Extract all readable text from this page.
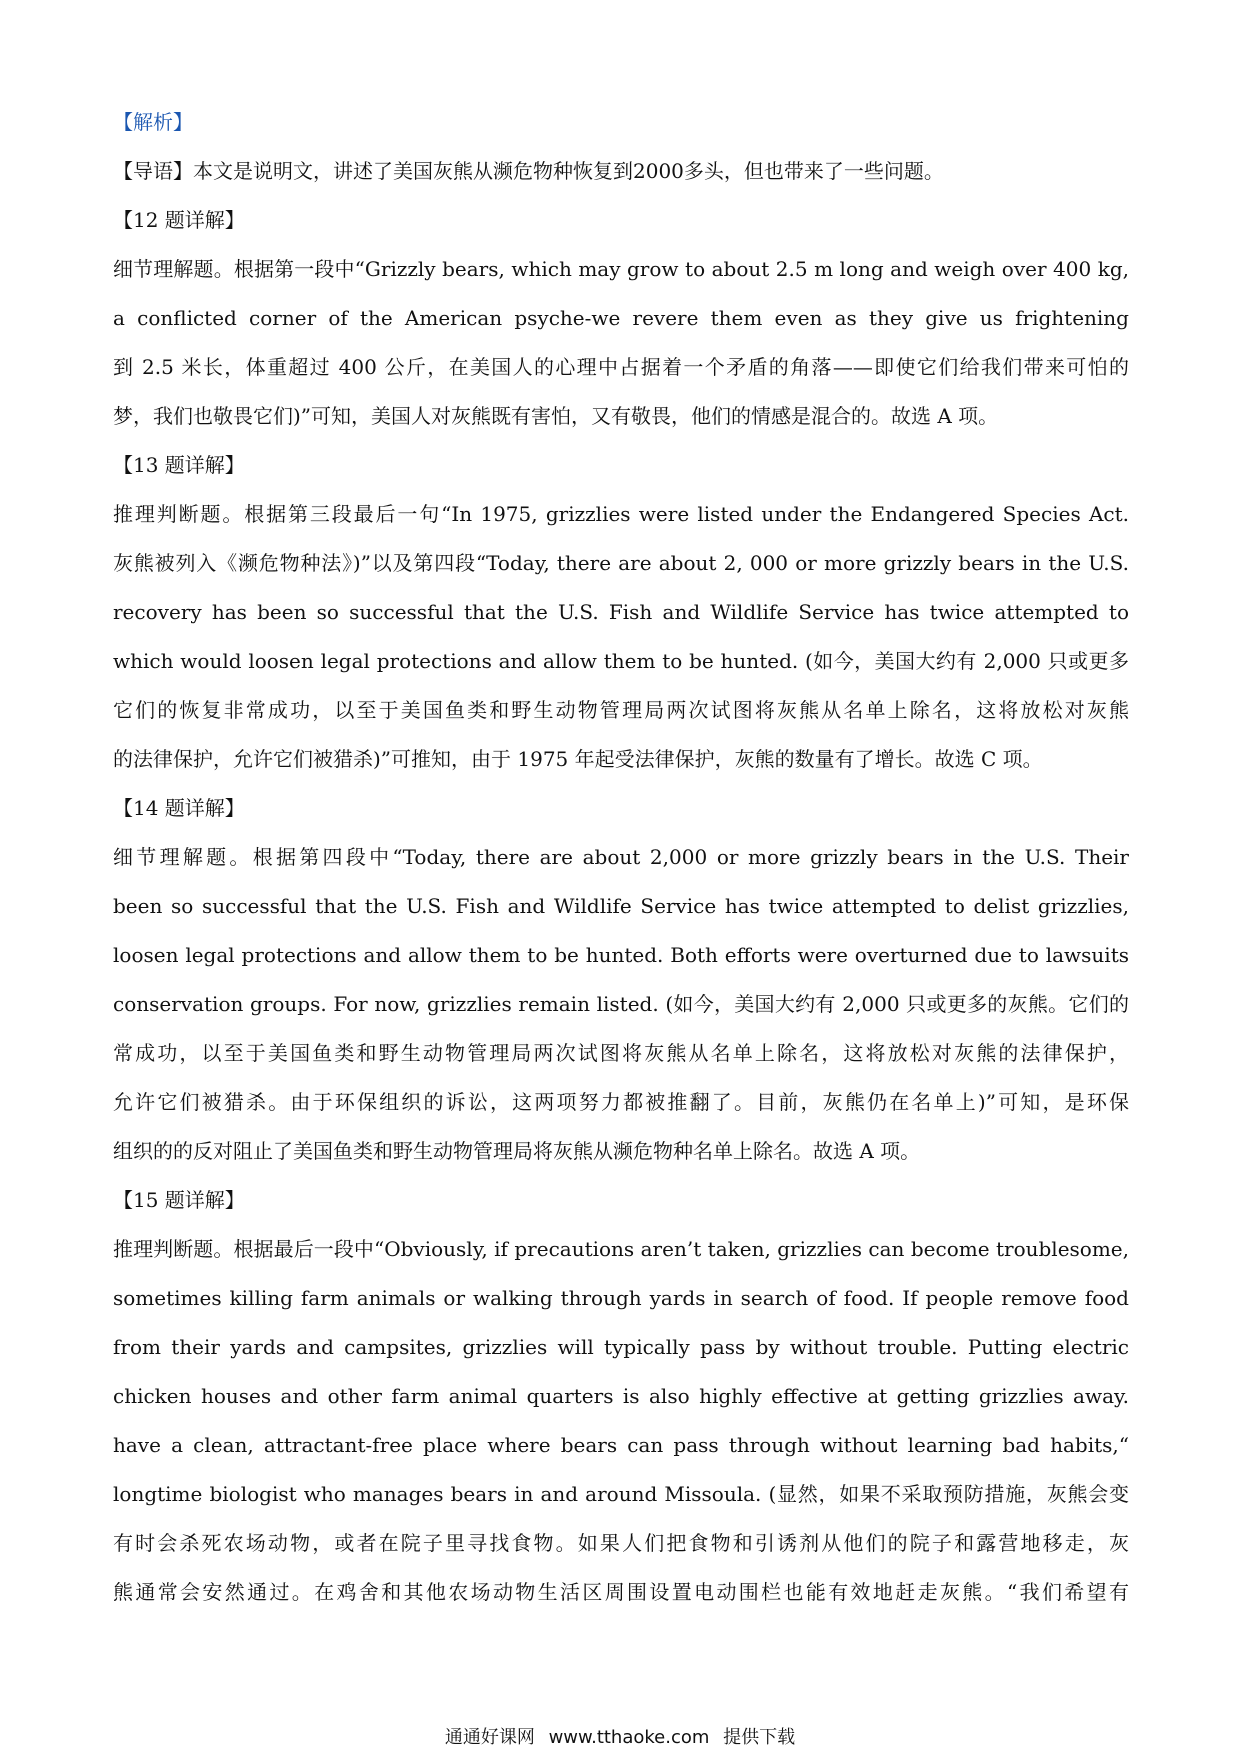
【解析】
【导语】本文是说明文，讲述了美国灰熊从濒危物种恢复到2000多头，但也带来了一些问题。
【12 题详解】
细节理解题。根据第一段中“Grizzly bears, which may grow to about 2.5 m long and weigh over 400 kg,
a conflicted corner of the American psyche-we revere them even as they give us frightening
到 2.5 米长，体重超过 400 公斤，在美国人的心理中占据着一个矛盾的角落——即使它们给我们带来可怕的
梦，我们也敬畏它们)”可知，美国人对灰熊既有害怕，又有敬畏，他们的情感是混合的。故选 A 项。
【13 题详解】
推理判断题。根据第三段最后一句“In 1975, grizzlies were listed under the Endangered Species Act.
灰熊被列入《濒危物种法》)”以及第四段“Today, there are about 2, 000 or more grizzly bears in the U.S.
recovery has been so successful that the U.S. Fish and Wildlife Service has twice attempted to
which would loosen legal protections and allow them to be hunted. (如今，美国大约有 2,000 只或更多
它们的恢复非常成功，以至于美国鱼类和野生动物管理局两次试图将灰熊从名单上除名，这将放松对灰熊
的法律保护，允许它们被猎杀)”可推知，由于 1975 年起受法律保护，灰熊的数量有了增长。故选 C 项。
【14 题详解】
细节理解题。根据第四段中“Today, there are about 2,000 or more grizzly bears in the U.S. Their
been so successful that the U.S. Fish and Wildlife Service has twice attempted to delist grizzlies,
loosen legal protections and allow them to be hunted. Both efforts were overturned due to lawsuits
conservation groups. For now, grizzlies remain listed. (如今，美国大约有 2,000 只或更多的灰熊。它们的
常成功，以至于美国鱼类和野生动物管理局两次试图将灰熊从名单上除名，这将放松对灰熊的法律保护，
允许它们被猎杀。由于环保组织的诉讼，这两项努力都被推翻了。目前，灰熊仍在名单上)”可知，是环保
组织的的反对阻止了美国鱼类和野生动物管理局将灰熊从濒危物种名单上除名。故选 A 项。
【15 题详解】
推理判断题。根据最后一段中“Obviously, if precautions aren’t taken, grizzlies can become troublesome,
sometimes killing farm animals or walking through yards in search of food. If people remove food
from their yards and campsites, grizzlies will typically pass by without trouble. Putting electric
chicken houses and other farm animal quarters is also highly effective at getting grizzlies away.
have a clean, attractant-free place where bears can pass through without learning bad habits,“
longtime biologist who manages bears in and around Missoula. (显然，如果不采取预防措施，灰熊会变
有时会杀死农场动物，或者在院子里寻找食物。如果人们把食物和引诱剂从他们的院子和露营地移走，灰
熊通常会安然通过。在鸡舍和其他农场动物生活区周围设置电动围栏也能有效地赶走灰熊。“我们希望有
通通好课网 www.tthaoke.com 提供下载
